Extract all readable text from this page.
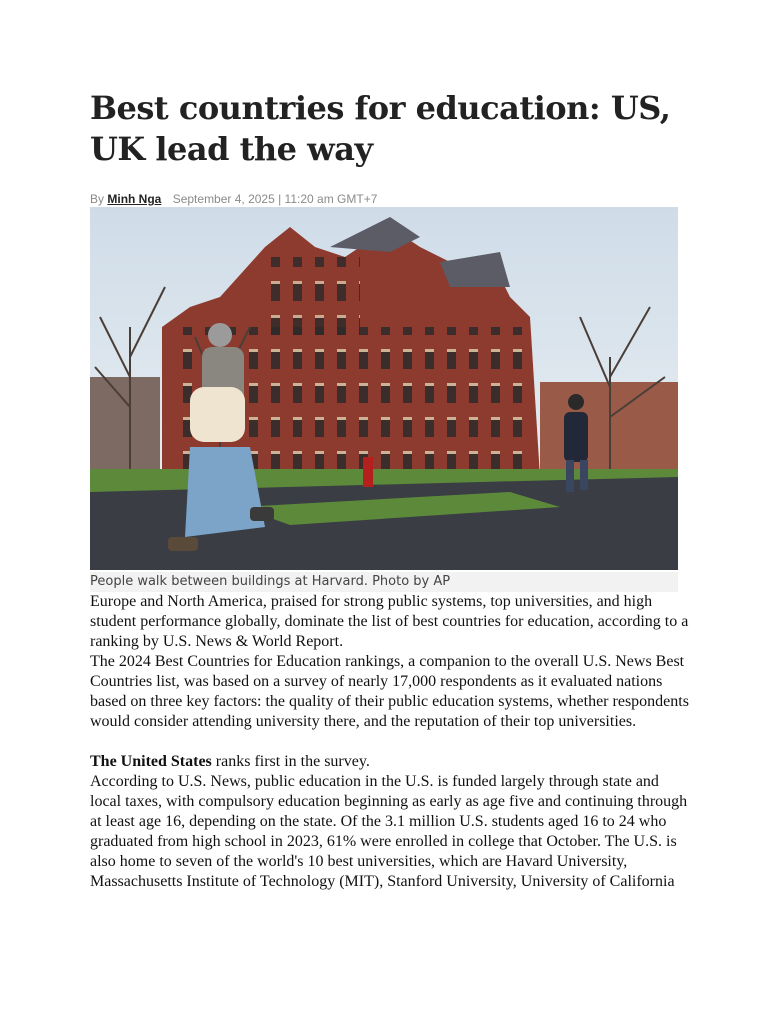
Best countries for education: US, UK lead the way
By Minh Nga September 4, 2025 | 11:20 am GMT+7
People walk between buildings at Harvard. Photo by AP

Europe and North America, praised for strong public systems, top universities, and high student performance globally, dominate the list of best countries for education, according to a ranking by U.S. News & World Report.

The 2024 Best Countries for Education rankings, a companion to the overall U.S. News Best Countries list, was based on a survey of nearly 17,000 respondents as it evaluated nations based on three key factors: the quality of their public education systems, whether respondents would consider attending university there, and the reputation of their top universities.

The United States ranks first in the survey.

According to U.S. News, public education in the U.S. is funded largely through state and local taxes, with compulsory education beginning as early as age five and continuing through at least age 16, depending on the state. Of the 3.1 million U.S. students aged 16 to 24 who graduated from high school in 2023, 61% were enrolled in college that October. The U.S. is also home to seven of the world's 10 best universities, which are Havard University, Massachusetts Institute of Technology (MIT), Stanford University, University of California
